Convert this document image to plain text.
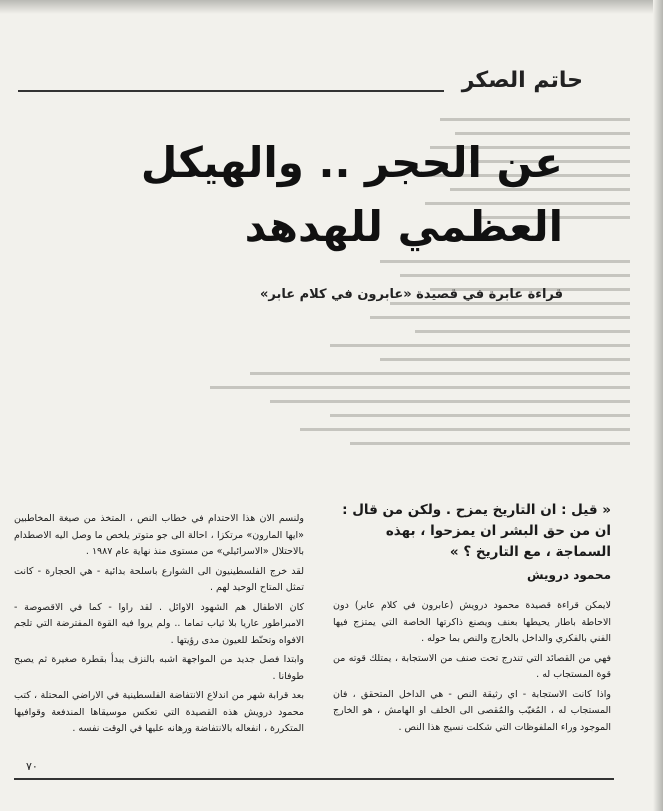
حاتم الصكر
عن الحجر .. والهيكل
العظمي للهدهد
قراءة عابرة في قصيدة «عابرون في كلام عابر»
« قيل : ان التاريخ يمزح . ولكن من قال : ان من حق البشر ان يمزحوا ، بهذه السماجة ، مع التاريخ ؟ »
محمود درويش

لايمكن قراءة قصيدة محمود درويش (عابرون في كلام عابر) دون الاحاطة باطار يحيطها بعنف ويصنع ذاكرتها الخاصة التي يمتزج فيها الفني بالفكري والداخل بالخارج والنص بما حوله .

فهي من القصائد التي تندرج تحت صنف من الاستجابة ، يمتلك قوته من قوة المستجاب له .

واذا كانت الاستجابة - اي رثيقة النص - هي الداخل المتحقق ، فان المستجاب له ، المُغيّب والمُقصى الى الخلف او الهامش ، هو الخارج الموجود وراء الملفوظات التي شكلت نسيج هذا النص .

ولنسم الان هذا الاحتدام في خطاب النص ، المتخذ من صيغة المخاطبين «ايها المارون» مرتكزا ، احالة الى جو متوتر يلخص ما وصل اليه الاصطدام بالاحتلال «الاسرائيلي» من مستوى منذ نهاية عام ١٩٨٧ .

لقد خرج الفلسطينيون الى الشوارع باسلحة بدائية - هي الحجارة - كانت تمثل المتاح الوحيد لهم .

كان الاطفال هم الشهود الاوائل . لقد راوا - كما في الاقصوصة - الامبراطور عاريا بلا ثياب تماما .. ولم يروا فيه القوة المفترضة التي تلجم الافواه وتحنّط للعيون مدى رؤيتها .

وابتدا فصل جديد من المواجهة اشبه بالنزف يبدأ بقطرة صغيرة ثم يصبح طوفانا .

بعد قرابة شهر من اندلاع الانتفاضة الفلسطينية في الاراضي المحتلة ، كتب محمود درويش هذه القصيدة التي تعكس موسيقاها المندفعة وقوافيها المتكررة ، انفعاله بالانتفاضة ورهانه عليها في الوقت نفسه .

٧٠
